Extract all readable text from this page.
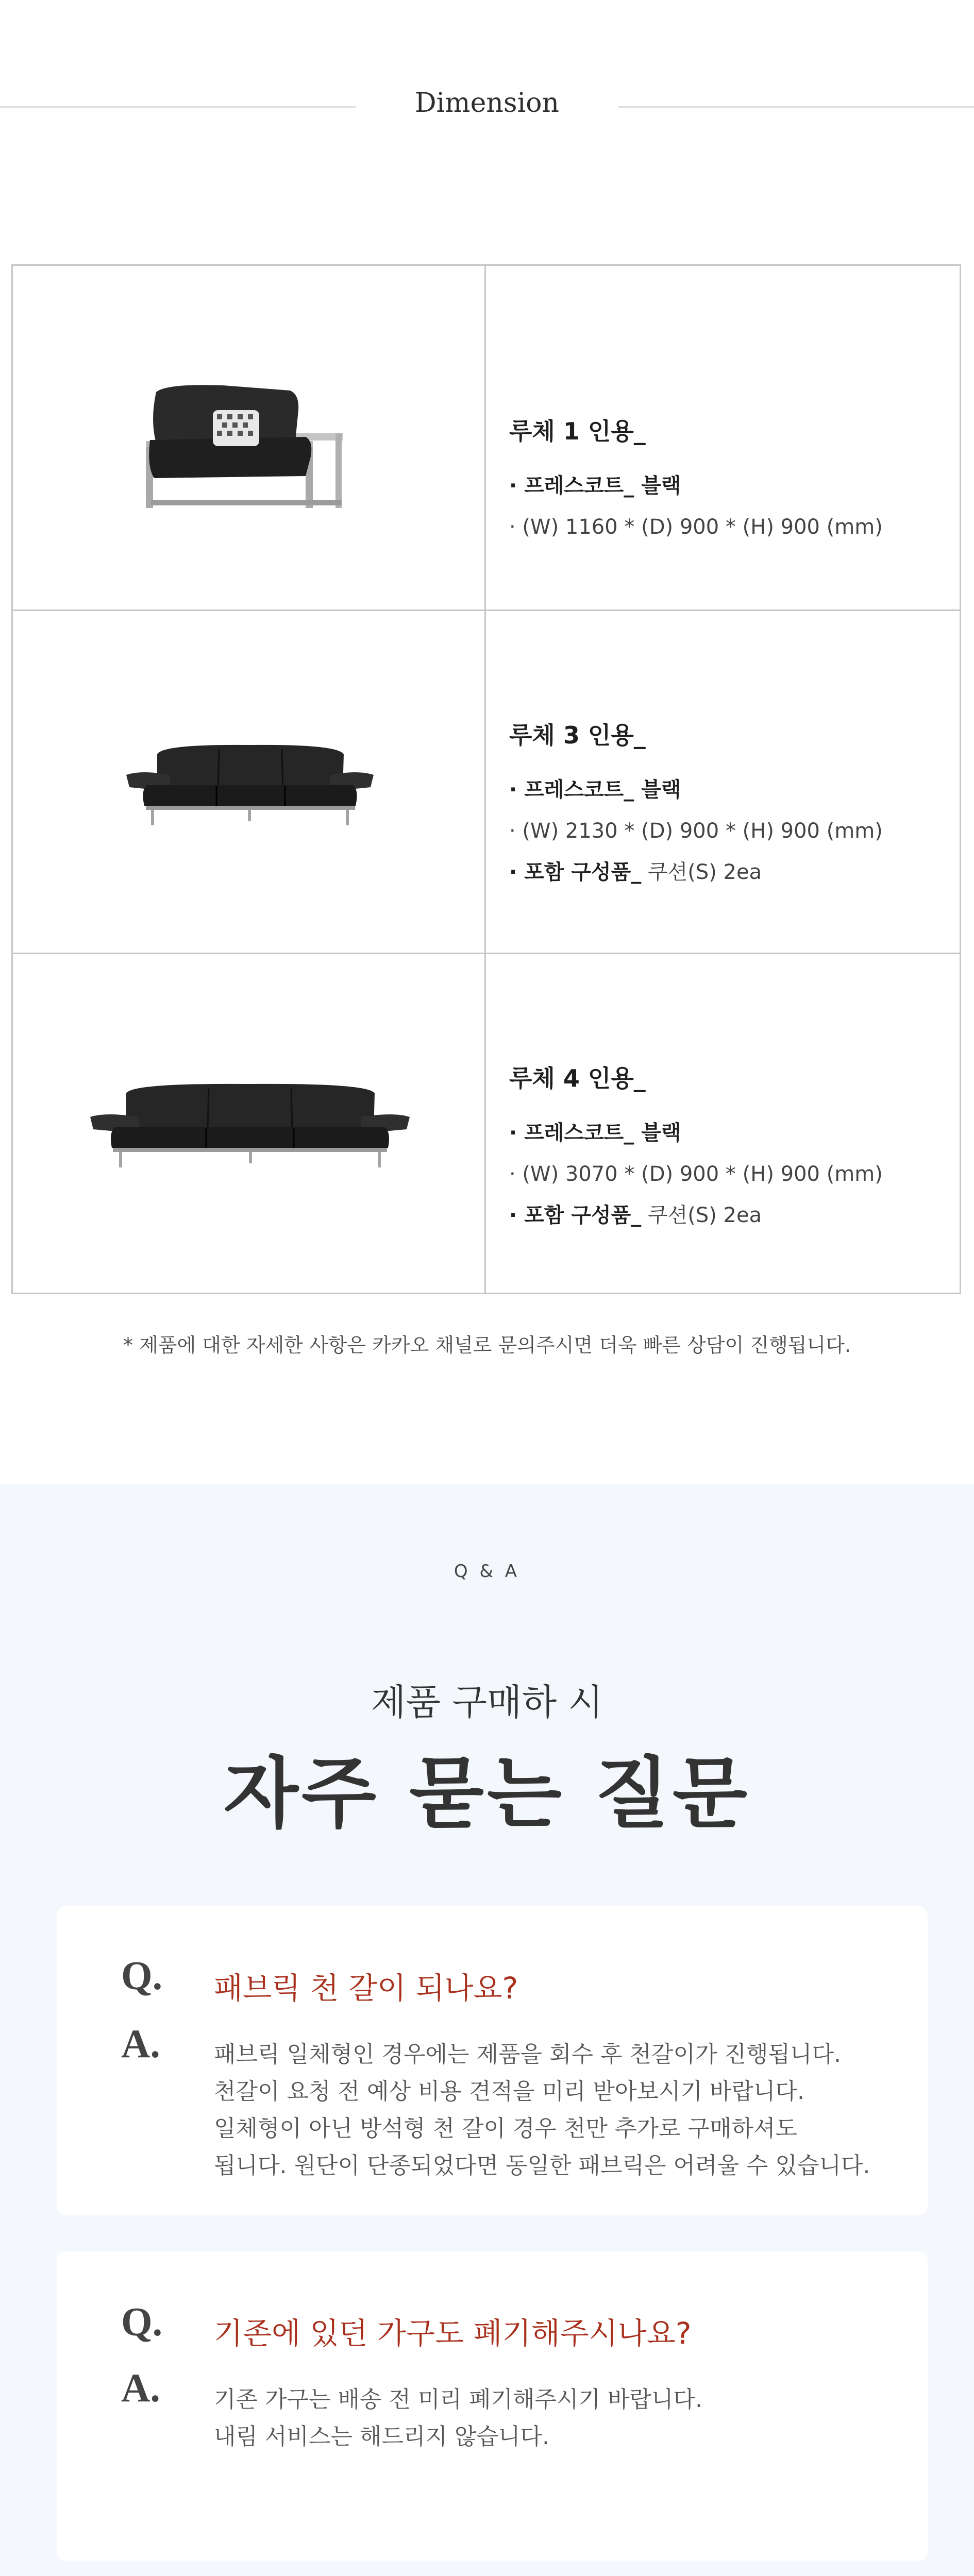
Dimension
루체 1 인용_
· 프레스코트_ 블랙
· (W) 1160 * (D) 900 * (H) 900 (mm)
루체 3 인용_
· 프레스코트_ 블랙
· (W) 2130 * (D) 900 * (H) 900 (mm)
· 포함 구성품_ 쿠션(S) 2ea
루체 4 인용_
· 프레스코트_ 블랙
· (W) 3070 * (D) 900 * (H) 900 (mm)
· 포함 구성품_ 쿠션(S) 2ea
* 제품에 대한 자세한 사항은 카카오 채널로 문의주시면 더욱 빠른 상담이 진행됩니다.
Q & A
제품 구매하 시
자주 묻는 질문
Q. 패브릭 천 갈이 되나요?
A. 패브릭 일체형인 경우에는 제품을 회수 후 천갈이가 진행됩니다.
천갈이 요청 전 예상 비용 견적을 미리 받아보시기 바랍니다.
일체형이 아닌 방석형 천 갈이 경우 천만 추가로 구매하셔도
됩니다. 원단이 단종되었다면 동일한 패브릭은 어려울 수 있습니다.
Q. 기존에 있던 가구도 폐기해주시나요?
A. 기존 가구는 배송 전 미리 폐기해주시기 바랍니다.
내림 서비스는 해드리지 않습니다.
